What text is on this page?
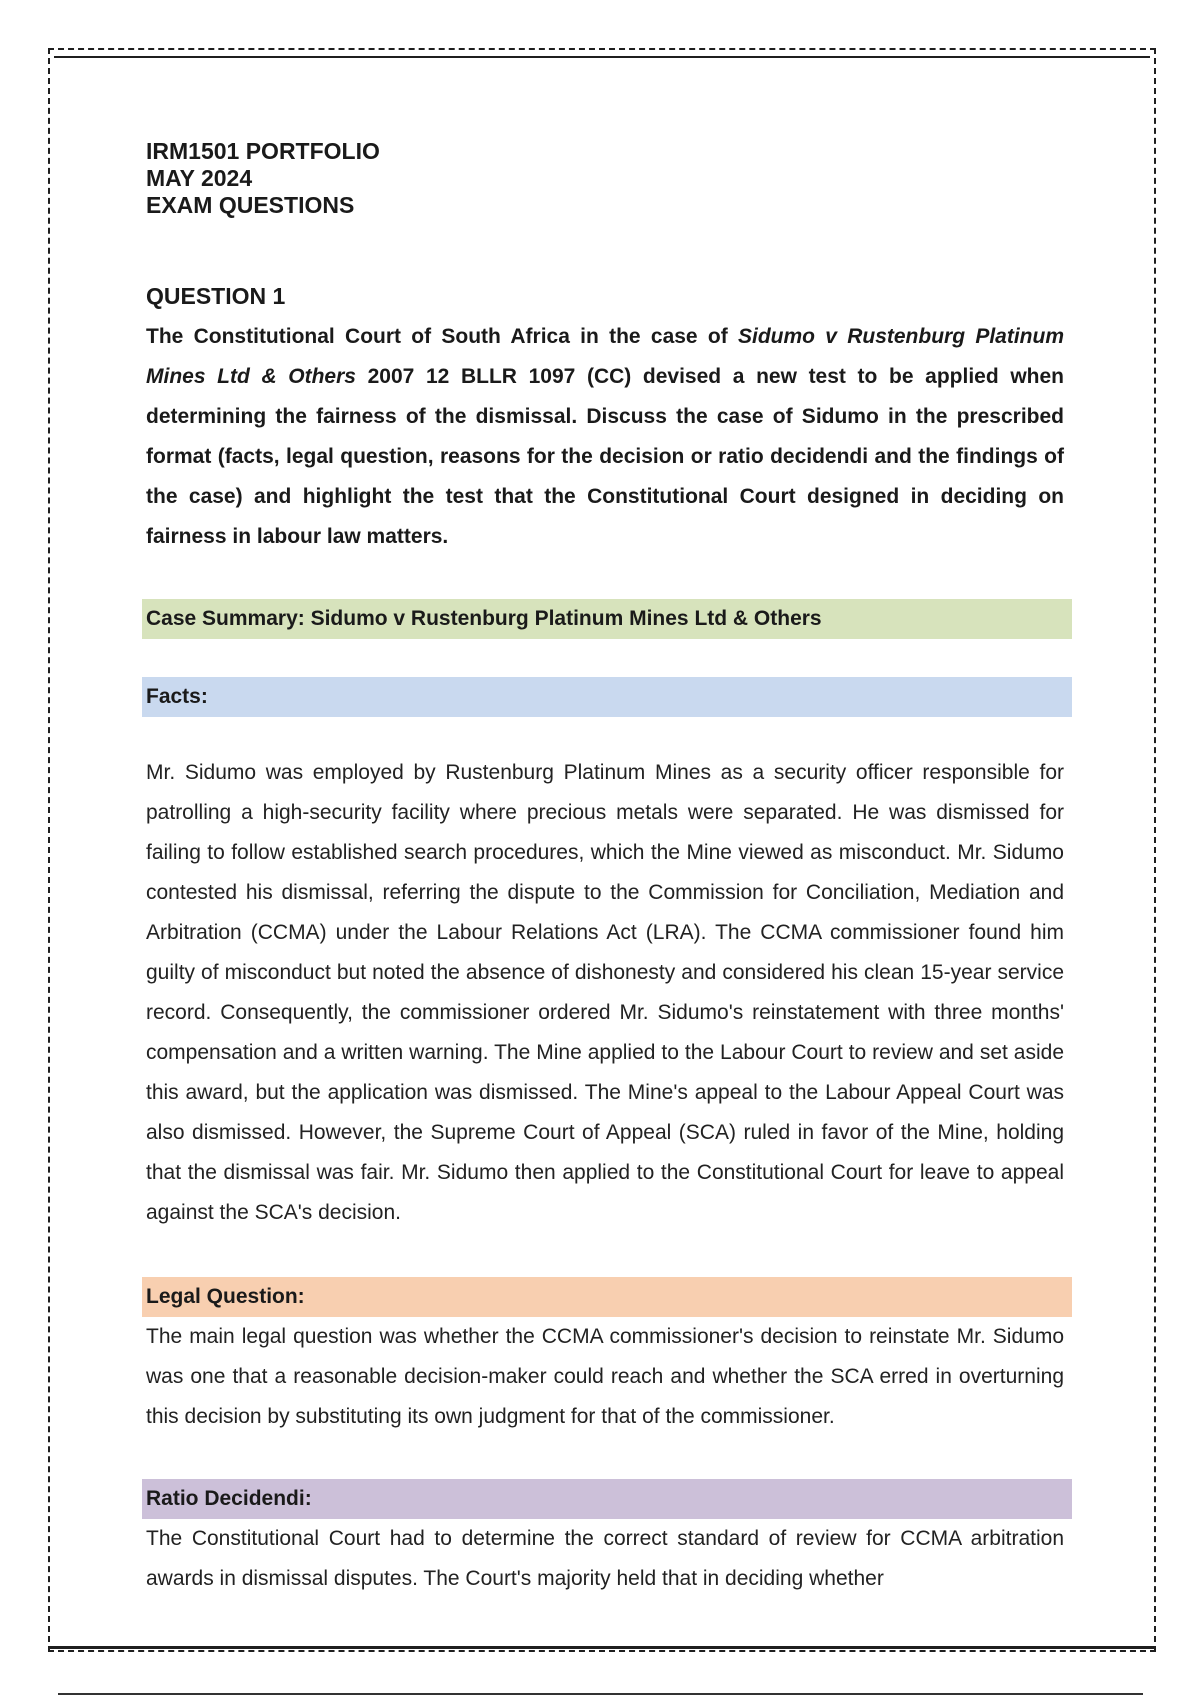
IRM1501 PORTFOLIO

MAY 2024

EXAM QUESTIONS

QUESTION 1

The Constitutional Court of South Africa in the case of Sidumo v Rustenburg Platinum Mines Ltd & Others 2007 12 BLLR 1097 (CC) devised a new test to be applied when determining the fairness of the dismissal. Discuss the case of Sidumo in the prescribed format (facts, legal question, reasons for the decision or ratio decidendi and the findings of the case) and highlight the test that the Constitutional Court designed in deciding on fairness in labour law matters.

Case Summary: Sidumo v Rustenburg Platinum Mines Ltd & Others
Facts:

Mr. Sidumo was employed by Rustenburg Platinum Mines as a security officer responsible for patrolling a high-security facility where precious metals were separated. He was dismissed for failing to follow established search procedures, which the Mine viewed as misconduct. Mr. Sidumo contested his dismissal, referring the dispute to the Commission for Conciliation, Mediation and Arbitration (CCMA) under the Labour Relations Act (LRA). The CCMA commissioner found him guilty of misconduct but noted the absence of dishonesty and considered his clean 15-year service record. Consequently, the commissioner ordered Mr. Sidumo's reinstatement with three months' compensation and a written warning. The Mine applied to the Labour Court to review and set aside this award, but the application was dismissed. The Mine's appeal to the Labour Appeal Court was also dismissed. However, the Supreme Court of Appeal (SCA) ruled in favor of the Mine, holding that the dismissal was fair. Mr. Sidumo then applied to the Constitutional Court for leave to appeal against the SCA's decision.

Legal Question:

The main legal question was whether the CCMA commissioner's decision to reinstate Mr. Sidumo was one that a reasonable decision-maker could reach and whether the SCA erred in overturning this decision by substituting its own judgment for that of the commissioner.

Ratio Decidendi:

The Constitutional Court had to determine the correct standard of review for CCMA arbitration awards in dismissal disputes. The Court's majority held that in deciding whether
